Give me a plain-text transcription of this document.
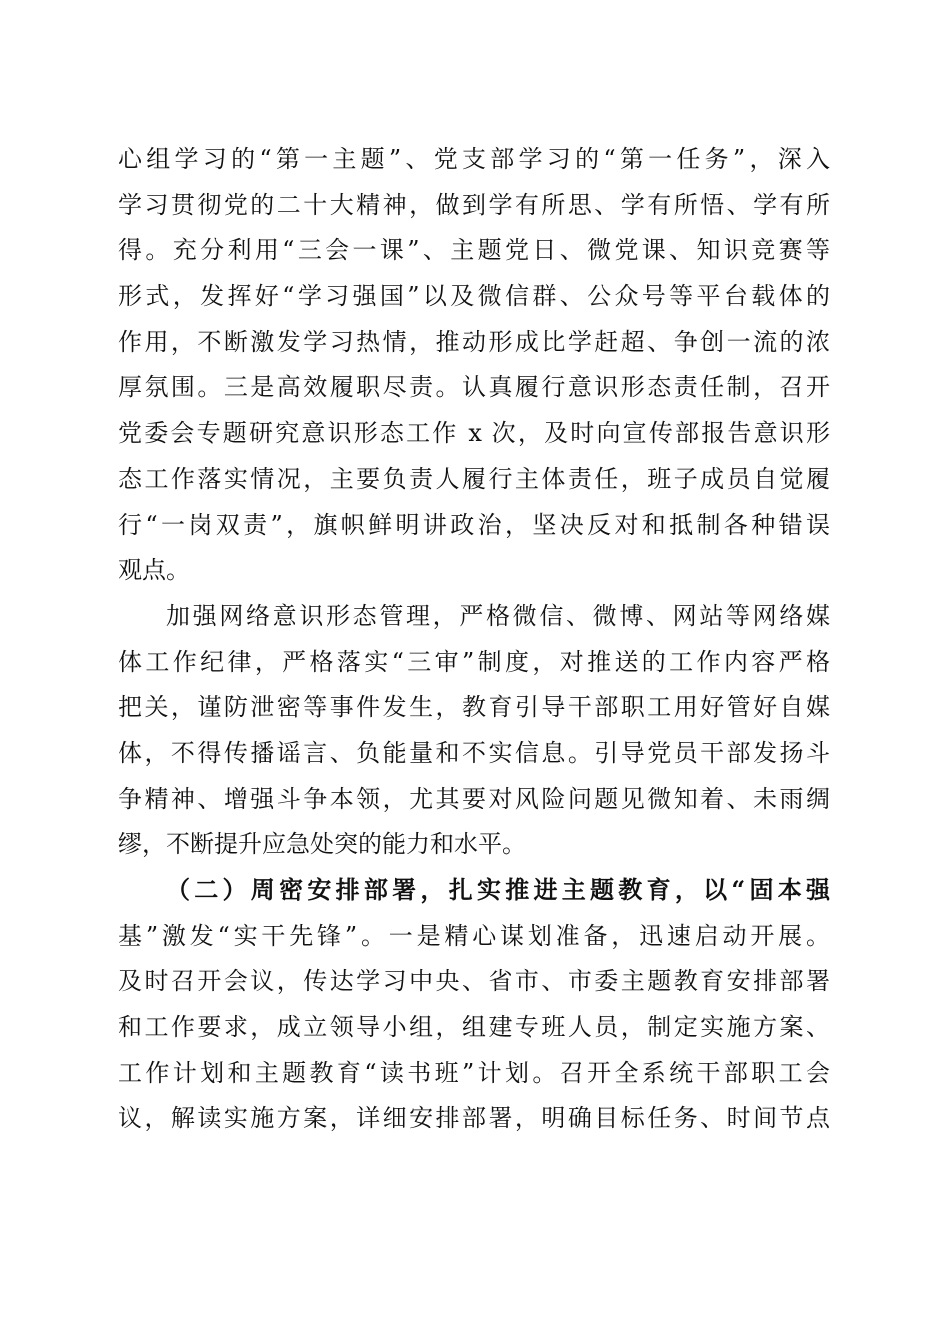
心组学习的“第一主题”、党支部学习的“第一任务”，深入
学习贯彻党的二十大精神，做到学有所思、学有所悟、学有所
得。充分利用“三会一课”、主题党日、微党课、知识竞赛等
形式，发挥好“学习强国”以及微信群、公众号等平台载体的
作用，不断激发学习热情，推动形成比学赶超、争创一流的浓
厚氛围。三是高效履职尽责。认真履行意识形态责任制，召开
党委会专题研究意识形态工作 x 次，及时向宣传部报告意识形
态工作落实情况，主要负责人履行主体责任，班子成员自觉履
行“一岗双责”，旗帜鲜明讲政治，坚决反对和抵制各种错误
观点。
加强网络意识形态管理，严格微信、微博、网站等网络媒
体工作纪律，严格落实“三审”制度，对推送的工作内容严格
把关，谨防泄密等事件发生，教育引导干部职工用好管好自媒
体，不得传播谣言、负能量和不实信息。引导党员干部发扬斗
争精神、增强斗争本领，尤其要对风险问题见微知着、未雨绸
缪，不断提升应急处突的能力和水平。
（二）周密安排部署，扎实推进主题教育，以“固本强
基”激发“实干先锋”。一是精心谋划准备，迅速启动开展。
及时召开会议，传达学习中央、省市、市委主题教育安排部署
和工作要求，成立领导小组，组建专班人员，制定实施方案、
工作计划和主题教育“读书班”计划。召开全系统干部职工会
议，解读实施方案，详细安排部署，明确目标任务、时间节点
